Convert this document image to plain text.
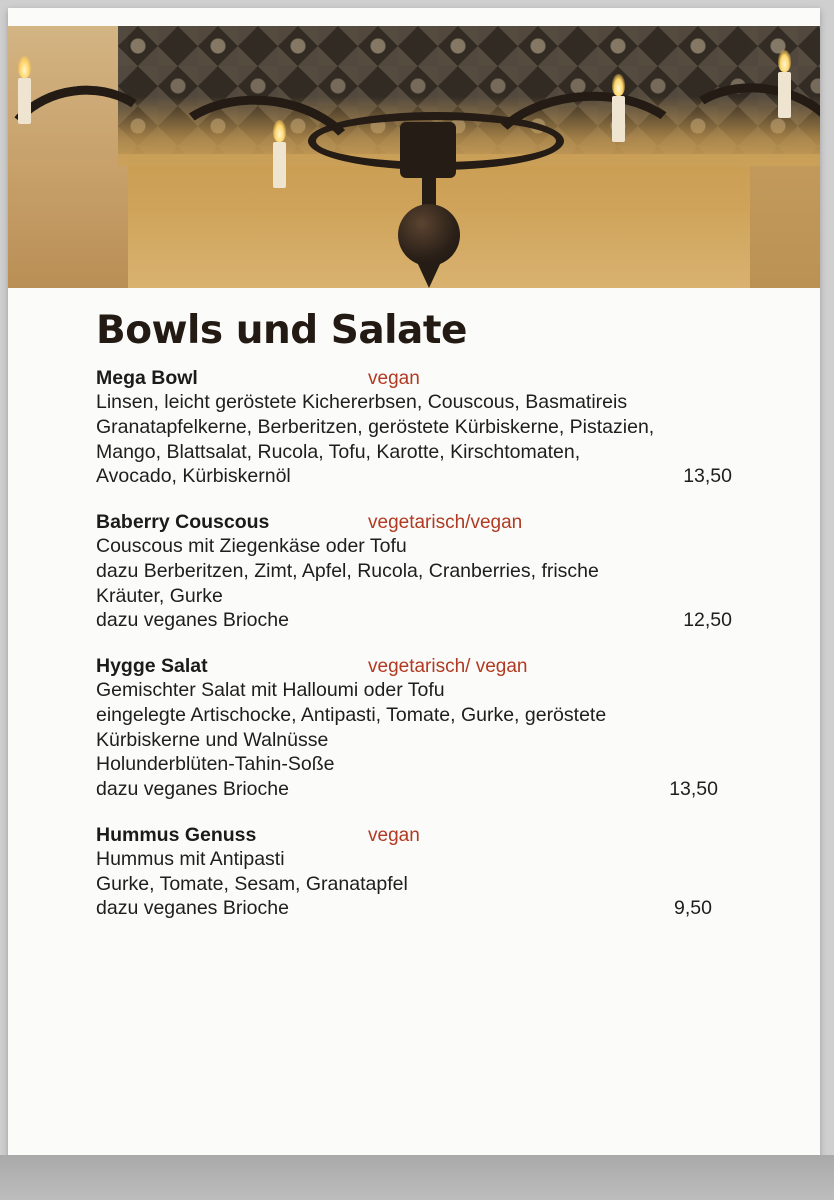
Bowls und Salate
Mega Bowl	vegan
Linsen, leicht geröstete Kichererbsen, Couscous, Basmatireis
Granatapfelkerne, Berberitzen, geröstete Kürbiskerne, Pistazien,
Mango, Blattsalat, Rucola, Tofu, Karotte, Kirschtomaten,
Avocado, Kürbiskernöl	13,50
Baberry Couscous	vegetarisch/vegan
Couscous mit Ziegenkäse oder Tofu
dazu Berberitzen, Zimt, Apfel, Rucola, Cranberries, frische
Kräuter, Gurke
dazu veganes Brioche	12,50
Hygge Salat	vegetarisch/ vegan
Gemischter Salat mit Halloumi oder Tofu
eingelegte Artischocke, Antipasti, Tomate, Gurke, geröstete
Kürbiskerne und Walnüsse
Holunderblüten-Tahin-Soße
dazu veganes Brioche	13,50
Hummus Genuss	vegan
Hummus mit Antipasti
Gurke, Tomate, Sesam, Granatapfel
dazu veganes Brioche	9,50
